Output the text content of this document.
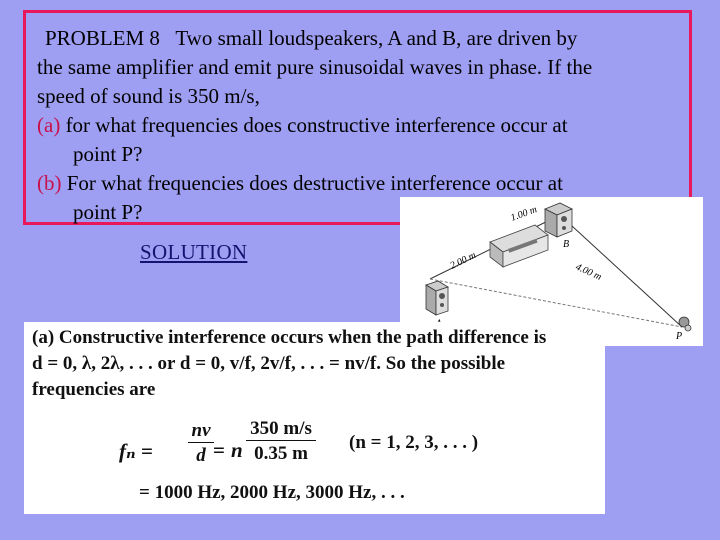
PROBLEM 8 Two small loudspeakers, A and B, are driven by
the same amplifier and emit pure sinusoidal waves in phase. If the
speed of sound is 350 m/s,
(a) for what frequencies does constructive interference occur at
point P?
(b) For what frequencies does destructive interference occur at
point P?
SOLUTION
1.00 m
2.00 m
4.00 m
B
P
(a) Constructive interference occurs when the path difference is
d = 0, λ, 2λ, . . . or d = 0, v/f, 2v/f, . . . = nv/f. So the possible
frequencies are
$f_n = \frac{nv}{d} = n \frac{350 m/s}{0.35 m} (n = 1$, 2, 3, . . . )
= 1000 Hz, 2000 Hz, 3000 Hz, . . .
